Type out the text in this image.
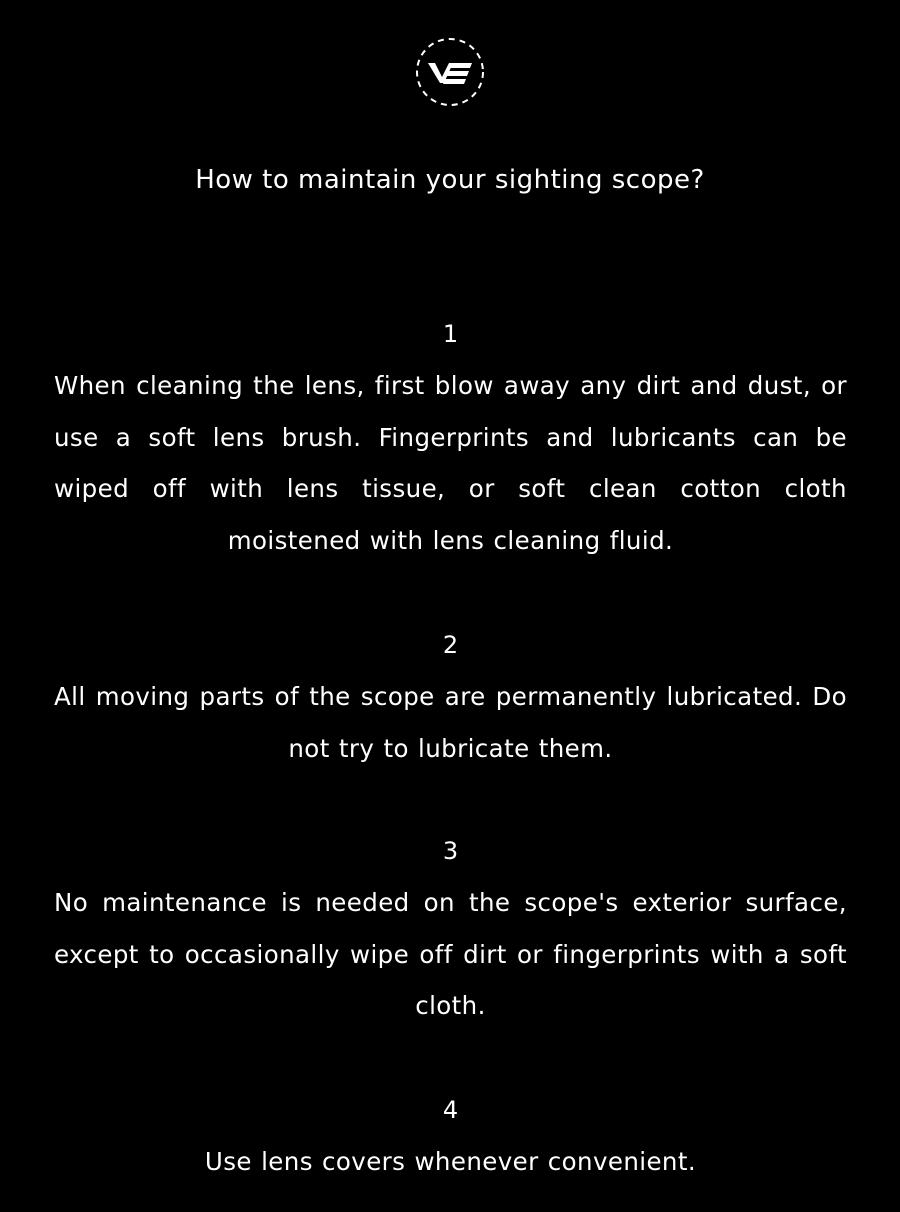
How to maintain your sighting scope?
1
When cleaning the lens, first blow away any dirt and dust, or use a soft lens brush. Fingerprints and lubricants can be wiped off with lens tissue, or soft clean cotton cloth moistened with lens cleaning fluid.
2
All moving parts of the scope are permanently lubricated. Do not try to lubricate them.
3
No maintenance is needed on the scope's exterior surface, except to occasionally wipe off dirt or fingerprints with a soft cloth.
4
Use lens covers whenever convenient.
